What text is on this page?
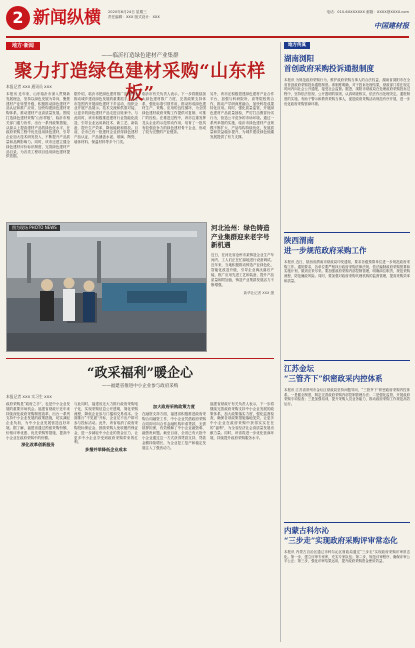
2 新闻纵横 2020年6月24日 星期三
责任编辑：XXX 版式设计：XXX
电话：010-6XXXXXXX 邮箱：XXXX@XXXX.com
中国建材报
地方·新闻
——临沂打造绿色建材产业集群
聚力打造绿色建材采购“山东样板”
本报记者 XXX 通讯员 XXX

本报讯 近年来，山东临沂市深入贯彻新发展理念，坚持以绿色发展为导向，聚焦建材产业转型升级，积极推动绿色建材产品认证和推广应用，加快构建绿色建材采购体系，推动建材产业高质量发展。围绕打造绿色建材采购“山东样板”，临沂市相关部门通力协作，出台一系列政策措施，从源头上提高建材产品的绿色化水平，在政府采购工程中优先选用绿色建材，引导企业加大技术研发投入，不断提升产品质量和品牌影响力。同时，该市还建立健全绿色建材评价标识制度，完善绿色建材产品目录，为各类工程项目选用绿色建材提供依据。

据介绍，临沂市把绿色建材推广应用作为推动城乡建设绿色发展的重要抓手，在全市范围内开展绿色建材下乡活动，组织企业开展产品展示、技术交流和供需对接，让更多的绿色建材产品走进百姓家中。与此同时，该市积极推进建材行业智能化改造，引导企业运用新技术、新工艺、新装备，提升生产效率，降低能耗和排放。目前，全市已有一批建材企业获得绿色建材产品认证，产品涵盖水泥、玻璃、陶瓷、墙体材料、保温材料等多个门类。

临沂市有关负责人表示，下一步将继续加大绿色建材推广力度，完善政策支持体系，强化标准引领作用，推动形成绿色建材生产、采购、应用的良性循环，为全国绿色建材政府采购工作提供可复制、可推广的经验。在推进过程中，该市注重发挥龙头企业的示范带动作用，培育了一批具有较强竞争力的绿色建材骨干企业，形成了较为完整的产业链条。

另外，该市还积极搭建绿色建材产业合作平台，加强与科研院所、高等院校的合作，推动产学研深度融合，加快科技成果转化应用。同时，强化质量监管，开展绿色建材产品质量抽检，严厉打击假冒伪劣行为，营造公平竞争的市场环境。通过一系列举措的实施，临沂市绿色建材产业规模不断扩大，产品结构持续优化，发展质量和效益稳步提升，为城乡建设绿色低碳发展提供了有力支撑。

图为现场 PHOTO NEWS	河北沧州：绿色铸造产业集群迎来老字号新机遇
近日，在河北省沧州市某铸造企业生产车间内，工人们正在忙碌地进行设备调试。近年来，当地积极推动铸造产业绿色化、智能化改造升级，引导企业淘汰落后产能，推广应用先进工艺和装备，提升产品质量和附加值，铸造产业集群发展活力不断增强。
新华社记者 XXX 摄
“政采福利”暖企心
——福建省推进中小企业参与政府采购
本报记者 XXX 实习生 XXX

政府采购是“政府之手”，也是中小企业发展的重要市场机会。福建省财政厅近年来持续深化政府采购制度改革，出台一系列支持中小企业发展的政策措施，切实减轻企业负担，为中小企业发展营造良好环境。据了解，福建省通过预留采购份额、价格评审优惠、优先采购等措施，提高中小企业在政府采购中的份额。

深化改革创新服务

与此同时，福建省还大力推行政府采购电子化，实现采购信息公开透明，简化采购流程，降低企业参与门槛和交易成本。全面推行“不见面”开标，企业足不出户即可参与投标活动。此外，该省取消了政府采购投标保证金，鼓励采购人免收履约保证金，进一步减轻中小企业的资金压力，让更多中小企业享受到政府采购带来的红利。

多措并举降低企业成本
加大政府采购政策力度

在融资支持方面，福建省积极推进政府采购合同融资工作，中小企业凭借政府采购合同即可向合作金融机构申请贷款，无需抵押担保，有效缓解了中小企业融资难、融资贵问题。截至目前，全省已有大批中小企业通过这一方式获得贷款支持，贷款金额持续增长，为企业复工复产和稳定发展注入了强劲动力。

福建省财政厅有关负责人表示，下一步将继续完善政府采购支持中小企业发展的政策体系，加大政策落实力度，强化监督检查，确保各项政策措施落地见效，让更多中小企业在政府采购中获得实实在在的“福利”，为全省经济社会高质量发展贡献力量。同时，该省将进一步优化营商环境，持续提升政府采购服务水平。

地方传真
湖南浏阳
首创政府采购投诉通报制度
本报讯 为规范政府采购行为，维护政府采购当事人的合法权益，湖南省浏阳市在全省首创政府采购投诉通报制度。该制度明确，对于投诉处理结果，财政部门将在规定时间内向社会公开通报，接受社会监督。据悉，浏阳市财政局在处理政府采购投诉过程中，坚持依法依规、公开透明的原则，认真调查核实，依法作出处理决定。通报制度的实施，有助于警示和教育采购当事人，促进政府采购活动规范有序开展，进一步优化政府采购营商环境。
陕西渭南
进一步规范政府采购工作
本报讯 近日，陕西省渭南市财政局印发通知，要求各级预算单位进一步规范政府采购工作。通知要求，各单位要严格执行政府采购法律法规，依法编制政府采购预算和实施计划，做到应采尽采。要加强政府采购内部控制管理，明确岗位职责，规范采购流程，防范廉政风险。同时，要加强对政府采购代理机构的监督管理，提高采购效率和质量。
江苏金坛
“三管齐下”织密政采内控体系
本报讯 江苏省常州市金坛区财政局坚持问题导向，“三管齐下”织密政府采购内控体系。一是健全制度，制定完善政府采购内部控制管理办法；二是强化监管，开展政府采购专项检查；三是加强培训，提升采购人员业务能力，推动政府采购工作规范高效运行。
内蒙古科尔沁
“三步走”实现政府采购评审常态化
本报讯 内蒙古自治区通辽市科尔沁区财政局通过“三步走”实现政府采购评审常态化。第一步，建立评审专家库，充实专家队伍；第二步，规范评审程序，确保评审公平公正；第三步，强化评审结果运用，提升政府采购资金使用效益。
